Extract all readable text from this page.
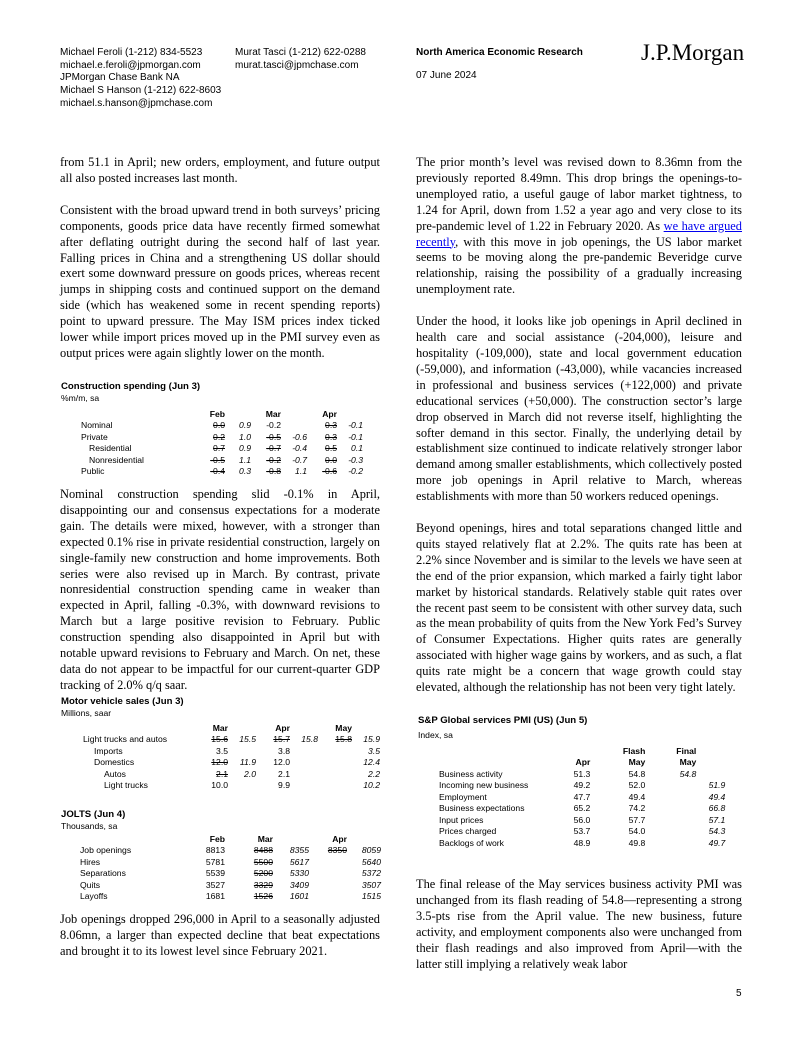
Michael Feroli (1-212) 834-5523
michael.e.feroli@jpmorgan.com
JPMorgan Chase Bank NA
Michael S Hanson (1-212) 622-8603
michael.s.hanson@jpmchase.com
Murat Tasci (1-212) 622-0288
murat.tasci@jpmchase.com
North America Economic Research
07 June 2024
J.P.Morgan

from 51.1 in April; new orders, employment, and future output all also posted increases last month.

Consistent with the broad upward trend in both surveys’ pricing components, goods price data have recently firmed somewhat after deflating outright during the second half of last year. Falling prices in China and a strengthening US dollar should exert some downward pressure on goods prices, whereas recent jumps in shipping costs and continued support on the demand side (which has weakened some in recent spending reports) point to upward pressure. The May ISM prices index ticked lower while import prices moved up in the PMI survey even as output prices were again slightly lower on the month.

Construction spending (Jun 3)

%m/m, sa

	Feb		Mar		Apr	
Nominal	0.0	0.9	-0.2		0.3	-0.1
Private	0.2	1.0	-0.5	-0.6	0.3	-0.1
Residential	0.7	0.9	-0.7	-0.4	0.5	0.1
Nonresidential	-0.5	1.1	-0.2	-0.7	0.0	-0.3
Public	-0.4	0.3	-0.8	1.1	-0.6	-0.2

Nominal construction spending slid -0.1% in April, disappointing our and consensus expectations for a moderate gain. The details were mixed, however, with a stronger than expected 0.1% rise in private residential construction, largely on single-family new construction and home improvements. Both series were also revised up in March. By contrast, private nonresidential construction spending came in weaker than expected in April, falling -0.3%, with downward revisions to March but a large positive revision to February. Public construction spending also disappointed in April but with notable upward revisions to February and March. On net, these data do not appear to be impactful for our current-quarter GDP tracking of 2.0% q/q saar.

Motor vehicle sales (Jun 3)

Millions, saar

	Mar		Apr		May	
Light trucks and autos	15.6	15.5	15.7	15.8	15.8	15.9
Imports	3.5		3.8			3.5
Domestics	12.0	11.9	12.0			12.4
Autos	2.1	2.0	2.1			2.2
Light trucks	10.0		9.9			10.2

JOLTS (Jun 4)

Thousands, sa

	Feb	Mar		Apr	
Job openings	8813	8488	8355	8350	8059
Hires	5781	5500	5617		5640
Separations	5539	5200	5330		5372
Quits	3527	3329	3409		3507
Layoffs	1681	1526	1601		1515

Job openings dropped 296,000 in April to a seasonally adjusted 8.06mn, a larger than expected decline that beat expectations and brought it to its lowest level since February 2021.

The prior month’s level was revised down to 8.36mn from the previously reported 8.49mn. This drop brings the openings-to-unemployed ratio, a useful gauge of labor market tightness, to 1.24 for April, down from 1.52 a year ago and very close to its pre-pandemic level of 1.22 in February 2020. As we have argued recently, with this move in job openings, the US labor market seems to be moving along the pre-pandemic Beveridge curve relationship, raising the possibility of a gradually increasing unemployment rate.

Under the hood, it looks like job openings in April declined in health care and social assistance (-204,000), leisure and hospitality (-109,000), state and local government education (-59,000), and information (-43,000), while vacancies increased in professional and business services (+122,000) and private educational services (+50,000). The construction sector’s large drop observed in March did not reverse itself, highlighting the softer demand in this sector. Finally, the underlying detail by establishment size continued to indicate relatively stronger labor demand among smaller establishments, which collectively posted more job openings in April relative to March, whereas establishments with more than 50 workers reduced openings.

Beyond openings, hires and total separations changed little and quits stayed relatively flat at 2.2%. The quits rate has been at 2.2% since November and is similar to the levels we have seen at the end of the prior expansion, which marked a fairly tight labor market by historical standards. Relatively stable quit rates over the recent past seem to be consistent with other survey data, such as the mean probability of quits from the New York Fed’s Survey of Consumer Expectations. Higher quits rates are generally associated with higher wage gains by workers, and as such, a flat quits rate might be a concern that wage growth could stay elevated, although the relationship has not been very tight lately.

S&P Global services PMI (US) (Jun 5)

Index, sa

		Flash	Final	
	Apr	May	May	
Business activity	51.3	54.8	54.8	
Incoming new business	49.2	52.0		51.9
Employment	47.7	49.4		49.4
Business expectations	65.2	74.2		66.8
Input prices	56.0	57.7		57.1
Prices charged	53.7	54.0		54.3
Backlogs of work	48.9	49.8		49.7

The final release of the May services business activity PMI was unchanged from its flash reading of 54.8—representing a strong 3.5-pts rise from the April value. The new business, future activity, and employment components also were unchanged from their flash readings and also improved from April—with the latter still implying a relatively weak labor

5
